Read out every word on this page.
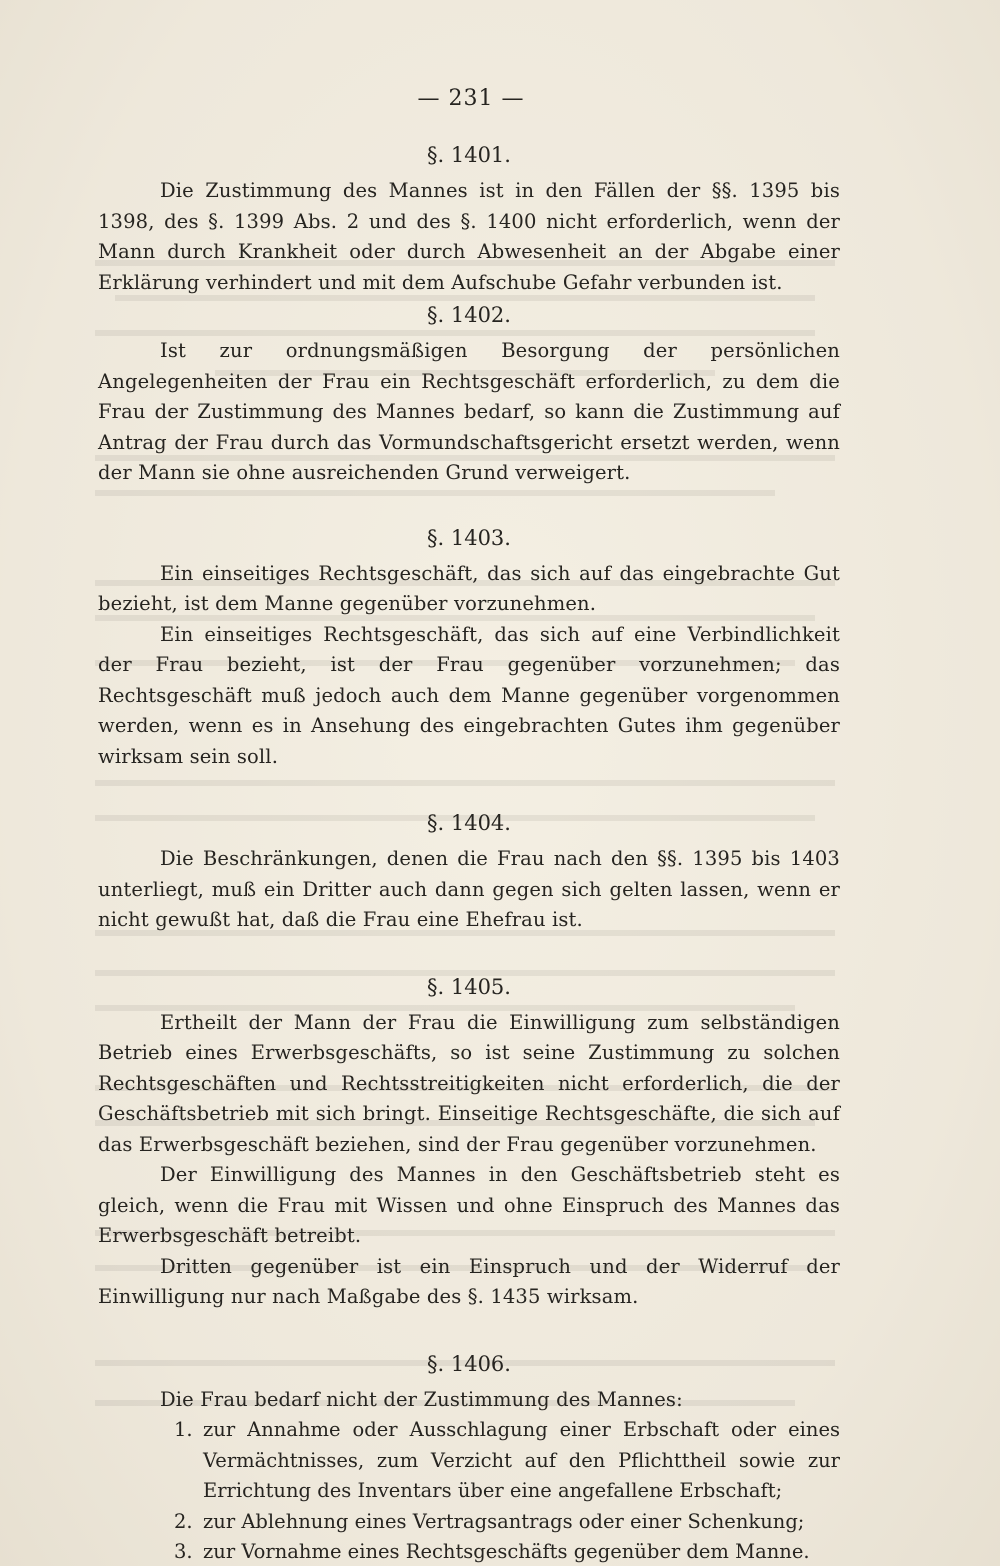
— 231 —
§. 1401.

Die Zustimmung des Mannes ist in den Fällen der §§. 1395 bis 1398, des §. 1399 Abs. 2 und des §. 1400 nicht erforderlich, wenn der Mann durch Krankheit oder durch Abwesenheit an der Abgabe einer Erklärung verhindert und mit dem Aufschube Gefahr verbunden ist.

§. 1402.

Ist zur ordnungsmäßigen Besorgung der persönlichen Angelegenheiten der Frau ein Rechtsgeschäft erforderlich, zu dem die Frau der Zustimmung des Mannes bedarf, so kann die Zustimmung auf Antrag der Frau durch das Vormundschaftsgericht ersetzt werden, wenn der Mann sie ohne ausreichenden Grund verweigert.

§. 1403.

Ein einseitiges Rechtsgeschäft, das sich auf das eingebrachte Gut bezieht, ist dem Manne gegenüber vorzunehmen.

Ein einseitiges Rechtsgeschäft, das sich auf eine Verbindlichkeit der Frau bezieht, ist der Frau gegenüber vorzunehmen; das Rechtsgeschäft muß jedoch auch dem Manne gegenüber vorgenommen werden, wenn es in Ansehung des eingebrachten Gutes ihm gegenüber wirksam sein soll.

§. 1404.

Die Beschränkungen, denen die Frau nach den §§. 1395 bis 1403 unterliegt, muß ein Dritter auch dann gegen sich gelten lassen, wenn er nicht gewußt hat, daß die Frau eine Ehefrau ist.

§. 1405.

Ertheilt der Mann der Frau die Einwilligung zum selbständigen Betrieb eines Erwerbsgeschäfts, so ist seine Zustimmung zu solchen Rechtsgeschäften und Rechtsstreitigkeiten nicht erforderlich, die der Geschäftsbetrieb mit sich bringt. Einseitige Rechtsgeschäfte, die sich auf das Erwerbsgeschäft beziehen, sind der Frau gegenüber vorzunehmen.

Der Einwilligung des Mannes in den Geschäftsbetrieb steht es gleich, wenn die Frau mit Wissen und ohne Einspruch des Mannes das Erwerbsgeschäft betreibt.

Dritten gegenüber ist ein Einspruch und der Widerruf der Einwilligung nur nach Maßgabe des §. 1435 wirksam.

§. 1406.

Die Frau bedarf nicht der Zustimmung des Mannes:

1. zur Annahme oder Ausschlagung einer Erbschaft oder eines Vermächtnisses, zum Verzicht auf den Pflichttheil sowie zur Errichtung des Inventars über eine angefallene Erbschaft;
2. zur Ablehnung eines Vertragsantrags oder einer Schenkung;
3. zur Vornahme eines Rechtsgeschäfts gegenüber dem Manne.
